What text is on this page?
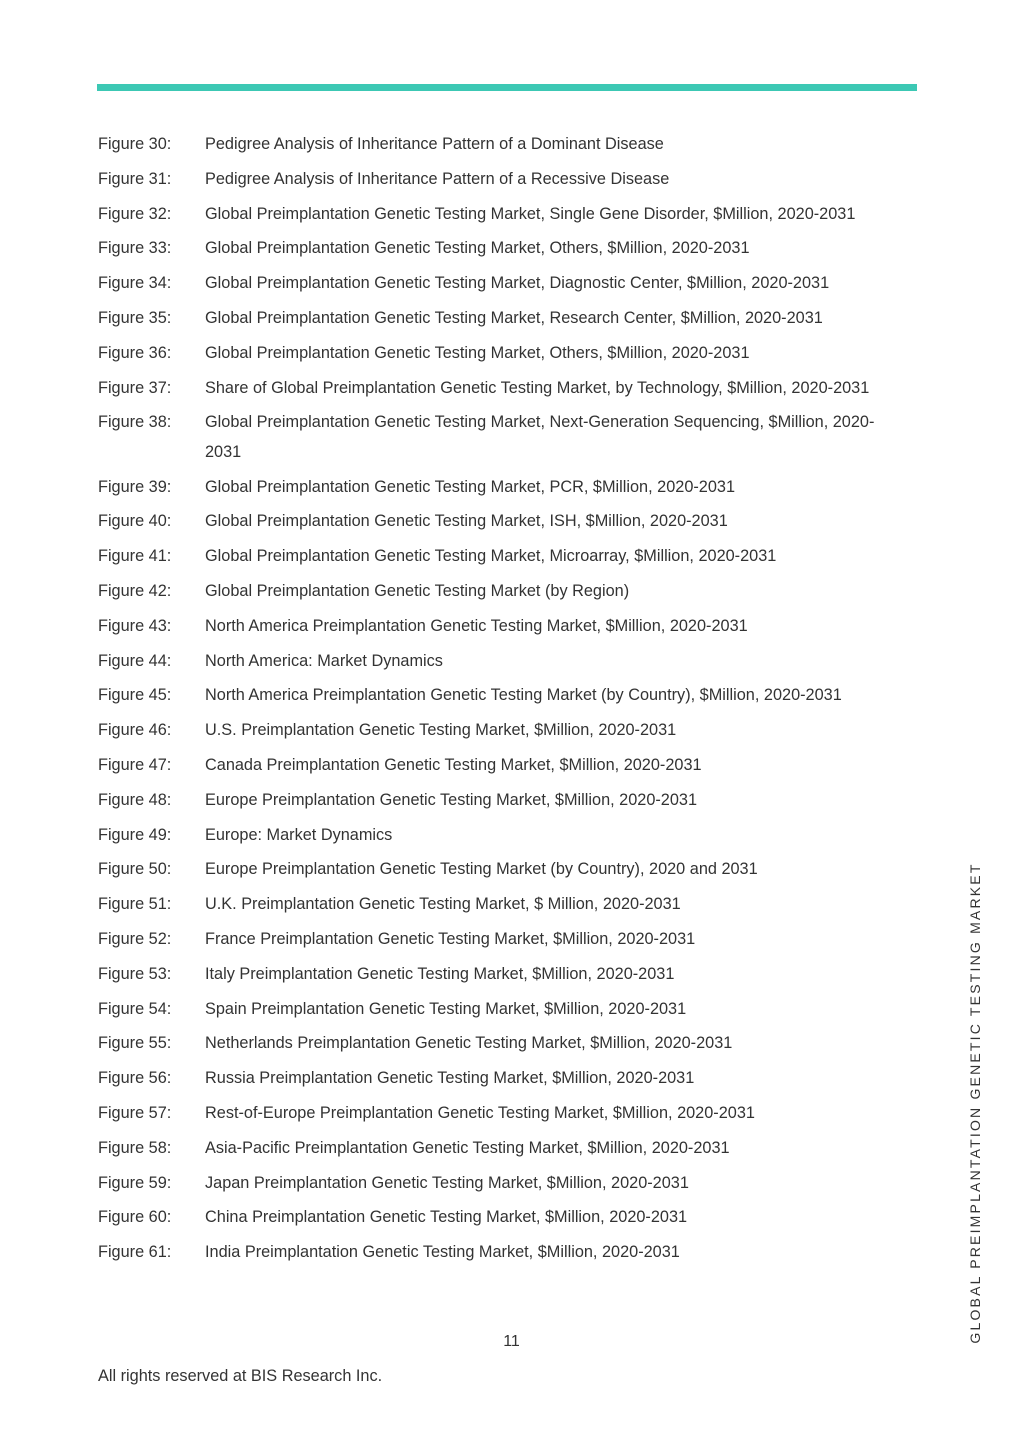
Figure 30:	Pedigree Analysis of Inheritance Pattern of a Dominant Disease
Figure 31:	Pedigree Analysis of Inheritance Pattern of a Recessive Disease
Figure 32:	Global Preimplantation Genetic Testing Market, Single Gene Disorder, $Million, 2020-2031
Figure 33:	Global Preimplantation Genetic Testing Market, Others, $Million, 2020-2031
Figure 34:	Global Preimplantation Genetic Testing Market, Diagnostic Center, $Million, 2020-2031
Figure 35:	Global Preimplantation Genetic Testing Market, Research Center, $Million, 2020-2031
Figure 36:	Global Preimplantation Genetic Testing Market, Others, $Million, 2020-2031
Figure 37:	Share of Global Preimplantation Genetic Testing Market, by Technology, $Million, 2020-2031
Figure 38:	Global Preimplantation Genetic Testing Market, Next-Generation Sequencing, $Million, 2020-2031
Figure 39:	Global Preimplantation Genetic Testing Market, PCR, $Million, 2020-2031
Figure 40:	Global Preimplantation Genetic Testing Market, ISH, $Million, 2020-2031
Figure 41:	Global Preimplantation Genetic Testing Market, Microarray, $Million, 2020-2031
Figure 42:	Global Preimplantation Genetic Testing Market (by Region)
Figure 43:	North America Preimplantation Genetic Testing Market, $Million, 2020-2031
Figure 44:	North America: Market Dynamics
Figure 45:	North America Preimplantation Genetic Testing Market (by Country), $Million, 2020-2031
Figure 46:	U.S. Preimplantation Genetic Testing Market, $Million, 2020-2031
Figure 47:	Canada Preimplantation Genetic Testing Market, $Million, 2020-2031
Figure 48:	Europe Preimplantation Genetic Testing Market, $Million, 2020-2031
Figure 49:	Europe: Market Dynamics
Figure 50:	Europe Preimplantation Genetic Testing Market (by Country), 2020 and 2031
Figure 51:	U.K. Preimplantation Genetic Testing Market, $ Million, 2020-2031
Figure 52:	France Preimplantation Genetic Testing Market, $Million, 2020-2031
Figure 53:	Italy Preimplantation Genetic Testing Market, $Million, 2020-2031
Figure 54:	Spain Preimplantation Genetic Testing Market, $Million, 2020-2031
Figure 55:	Netherlands Preimplantation Genetic Testing Market, $Million, 2020-2031
Figure 56:	Russia Preimplantation Genetic Testing Market, $Million, 2020-2031
Figure 57:	Rest-of-Europe Preimplantation Genetic Testing Market, $Million, 2020-2031
Figure 58:	Asia-Pacific Preimplantation Genetic Testing Market, $Million, 2020-2031
Figure 59:	Japan Preimplantation Genetic Testing Market, $Million, 2020-2031
Figure 60:	China Preimplantation Genetic Testing Market, $Million, 2020-2031
Figure 61:	India Preimplantation Genetic Testing Market, $Million, 2020-2031
11
All rights reserved at BIS Research Inc.
GLOBAL PREIMPLANTATION GENETIC TESTING MARKET
